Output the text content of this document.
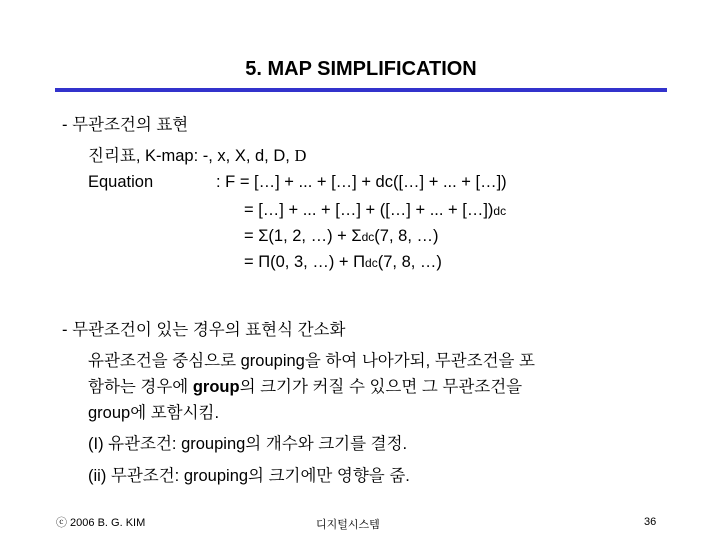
5. MAP SIMPLIFICATION
- 무관조건의 표현
진리표, K-map: -, x, X, d, D, D
Equation	: F = […] + ... + […] + dc([…] + ... + […])
= […] + ... + […] + ([…] + ... + […])dc
= Σ(1, 2, …) + Σdc(7, 8, …)
= Π(0, 3, …) + Πdc(7, 8, …)
- 무관조건이 있는 경우의 표현식 간소화
유관조건을 중심으로 grouping을 하여 나아가되, 무관조건을 포
함하는 경우에 group의 크기가 커질 수 있으면 그 무관조건을
group에 포함시킴.
(I) 유관조건: grouping의 개수와 크기를 결정.
(ii) 무관조건: grouping의 크기에만 영향을 줌.
ⓒ 2006 B. G. KIM	디지털시스템	36
